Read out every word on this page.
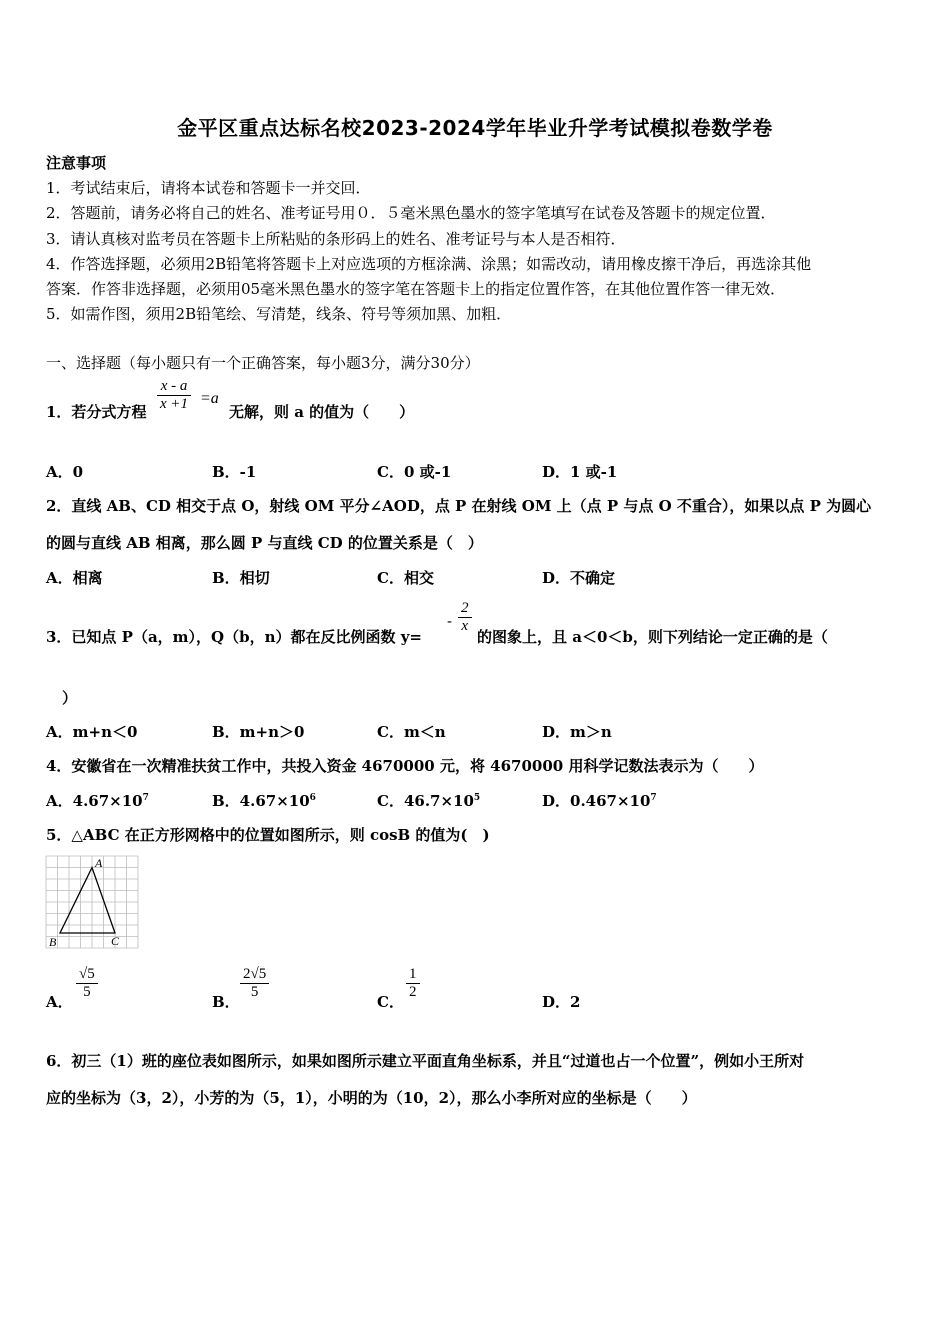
金平区重点达标名校2023-2024学年毕业升学考试模拟卷数学卷
注意事项
1．考试结束后，请将本试卷和答题卡一并交回．
2．答题前，请务必将自己的姓名、准考证号用０．５毫米黑色墨水的签字笔填写在试卷及答题卡的规定位置．
3．请认真核对监考员在答题卡上所粘贴的条形码上的姓名、准考证号与本人是否相符．
4．作答选择题，必须用2B铅笔将答题卡上对应选项的方框涂满、涂黑；如需改动，请用橡皮擦干净后，再选涂其他
答案．作答非选择题，必须用05毫米黑色墨水的签字笔在答题卡上的指定位置作答，在其他位置作答一律无效．
5．如需作图，须用2B铅笔绘、写清楚，线条、符号等须加黑、加粗．
一、选择题（每小题只有一个正确答案，每小题3分，满分30分）
1．若分式方程 $\frac{x - a}{x +1} =a$
无解，则 a 的值为（　　）
A．0	B．-1	C．0 或-1	D．1 或-1
2．直线 AB、CD 相交于点 O，射线 OM 平分∠AOD，点 P 在射线 OM 上（点 P 与点 O 不重合），如果以点 P 为圆心
的圆与直线 AB 相离，那么圆 P 与直线 CD 的位置关系是（　）
A．相离	B．相切	C．相交	D．不确定
3．已知点 P（a，m），Q（b，n）都在反比例函数 y=
- $\frac{2}{x}$
的图象上，且 a＜0＜b，则下列结论一定正确的是（
）
A．m+n＜0	B．m+n＞0	C．m＜n	D．m＞n
4．安徽省在一次精准扶贫工作中，共投入资金 4670000 元，将 4670000 用科学记数法表示为（　　）
A．$4.67\times 10^7$	B．$4.67\times 10^6$	C．$46.7\times 10^5$	D．$0.467\times 10^7$
5．△ABC 在正方形网格中的位置如图所示，则 cosB 的值为(　)
A
B	C
A．
$\frac{√5}{5}$
B．
$\frac{2√5}{5}$
C．
$\frac{1}{2}$
D．2
6．初三（1）班的座位表如图所示，如果如图所示建立平面直角坐标系，并且“过道也占一个位置”，例如小王所对
应的坐标为（3，2），小芳的为（5，1），小明的为（10，2），那么小李所对应的坐标是（　　）
